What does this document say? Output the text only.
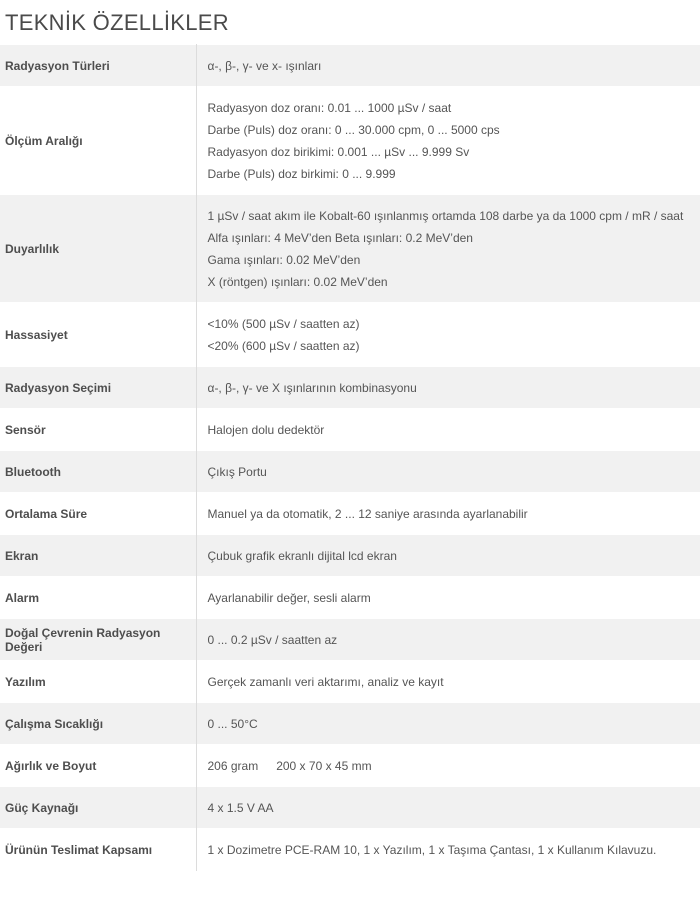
TEKNİK ÖZELLİKLER
Radyasyon Türleri	α-, β-, γ- ve x- ışınları

Ölçüm Aralığı	Radyasyon doz oranı: 0.01 ... 1000 µSv / saat
Darbe (Puls) doz oranı: 0 ... 30.000 cpm, 0 ... 5000 cps
Radyasyon doz birikimi: 0.001 ... µSv ... 9.999 Sv
Darbe (Puls) doz birkimi: 0 ... 9.999

Duyarlılık	1 µSv / saat akım ile Kobalt-60 ışınlanmış ortamda 108 darbe ya da 1000 cpm / mR / saat
Alfa ışınları: 4 MeV’den Beta ışınları: 0.2 MeV’den
Gama ışınları: 0.02 MeV’den
X (röntgen) ışınları: 0.02 MeV’den

Hassasiyet	<10% (500 µSv / saatten az)
<20% (600 µSv / saatten az)

Radyasyon Seçimi	α-, β-, γ- ve X ışınlarının kombinasyonu

Sensör	Halojen dolu dedektör

Bluetooth	Çıkış Portu

Ortalama Süre	Manuel ya da otomatik, 2 ... 12 saniye arasında ayarlanabilir

Ekran	Çubuk grafik ekranlı dijital lcd ekran

Alarm	Ayarlanabilir değer, sesli alarm

Doğal Çevrenin Radyasyon Değeri	0 ... 0.2 µSv / saatten az

Yazılım	Gerçek zamanlı veri aktarımı, analiz ve kayıt

Çalışma Sıcaklığı	0 ... 50°C

Ağırlık ve Boyut	206 gram 200 x 70 x 45 mm

Güç Kaynağı	4 x 1.5 V AA

Ürünün Teslimat Kapsamı	1 x Dozimetre PCE-RAM 10, 1 x Yazılım, 1 x Taşıma Çantası, 1 x Kullanım Kılavuzu.
